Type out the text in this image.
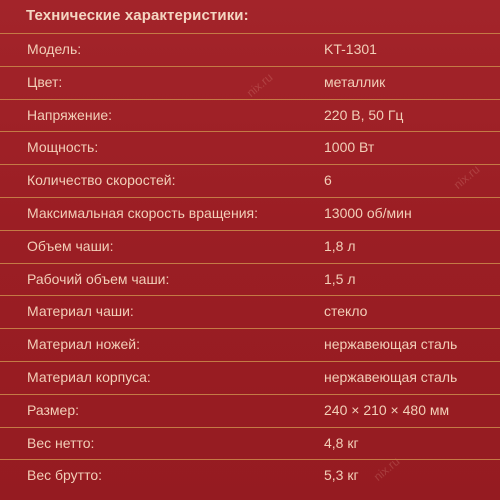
Технические характеристики:
nix.ru
nix.ru
nix.ru
Модель:	KT-1301
Цвет:	металлик
Напряжение:	220 В, 50 Гц
Мощность:	1000 Вт
Количество скоростей:	6
Максимальная скорость вращения:	13000 об/мин
Объем чаши:	1,8 л
Рабочий объем чаши:	1,5 л
Материал чаши:	стекло
Материал ножей:	нержавеющая сталь
Материал корпуса:	нержавеющая сталь
Размер:	240 × 210 × 480 мм
Вес нетто:	4,8 кг
Вес брутто:	5,3 кг
